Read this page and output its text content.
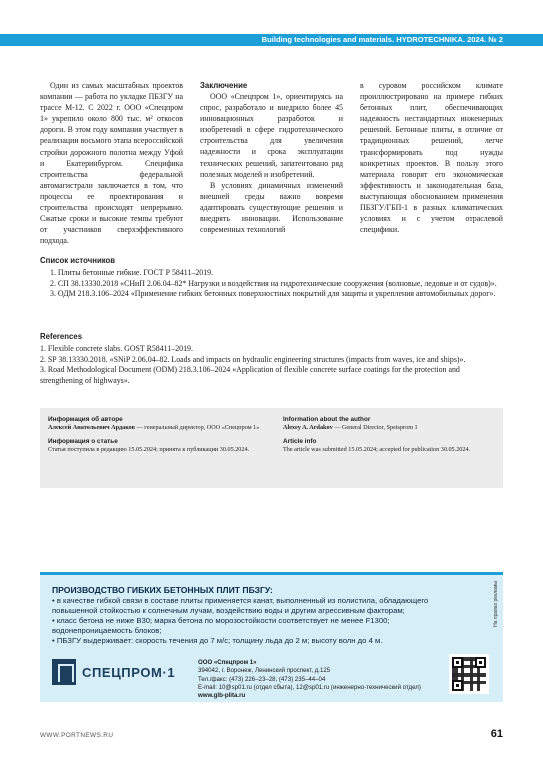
Building technologies and materials. HYDROTECHNIKA. 2024. № 2

Один из самых масштабных проектов компании — работа по укладке ПБЗГУ на трассе М-12. С 2022 г. ООО «Спецпром 1» укрепило около 800 тыс. м² откосов дороги. В этом году компания участвует в реализации восьмого этапа всероссийской стройки дорожного полотна между Уфой и Екатеринбургом. Специфика строительства федеральной автомагистрали заключается в том, что процессы ее проектирования и строительства происходят непрерывно. Сжатые сроки и высокие темпы требуют от участников сверхэффективного подхода.

Заключение

ООО «Спецпром 1», ориентируясь на спрос, разработало и внедрило более 45 инновационных разработок и изобретений в сфере гидротехнического строительства для увеличения надежности и срока эксплуатации технических решений, запатентовано ряд полезных моделей и изобретений.

В условиях динамичных изменений внешней среды важно вовремя адаптировать существующие решения и внедрять инновации. Использование современных технологий

в суровом российском климате проиллюстрировано на примере гибких бетонных плит, обеспечивающих надежность нестандартных инженерных решений. Бетонные плиты, в отличие от традиционных решений, легче трансформировать под нужды конкретных проектов. В пользу этого материала говорят его экономическая эффективность и законодательная база, выступающая обоснованием применения ПБЗГУ/ГБП-1 в разных климатических условиях и с учетом отраслевой специфики.

Список источников

1. Плиты бетонные гибкие. ГОСТ Р 58411–2019.

2. СП 38.13330.2018 «СНиП 2.06.04–82* Нагрузки и воздействия на гидротехнические сооружения (волновые, ледовые и от судов)».

3. ОДМ 218.3.106–2024 «Применение гибких бетонных поверхностных покрытий для защиты и укрепления автомобильных дорог».

References

1. Flexible concrete slabs. GOST R58411–2019.

2. SP 38.13330.2018. «SNiP 2.06.04–82. Loads and impacts on hydraulic engineering structures (impacts from waves, ice and ships)».

3. Road Methodological Document (ODM) 218.3.106–2024 «Application of flexible concrete surface coatings for the protection and strengthening of highways».

Информация об авторе
Алексей Анатольевич Ардаков — генеральный директор, ООО «Спецпром 1»
Информация о статье
Статья поступила в редакцию 15.05.2024; принята к публикации 30.05.2024.
Information about the author
Alexey A. Ardakov — General Director, Spetsprom 1
Article info
The article was submitted 15.05.2024; accepted for publication 30.05.2024.
ПРОИЗВОДСТВО ГИБКИХ БЕТОННЫХ ПЛИТ ПБЗГУ:
• в качестве гибкой связи в составе плиты применяется канат, выполненный из полистила, обладающего повышенной стойкостью к солнечным лучам, воздействию воды и другим агрессивным факторам;
• класс бетона не ниже В30; марка бетона по морозостойкости соответствует не менее F1300; водонепроницаемость блоков;
• ПБЗГУ выдерживает: скорость течения до 7 м/с; толщину льда до 2 м; высоту волн до 4 м.
На правах рекламы
СПЕЦПРОМ·1
ООО «Спецпром 1»
394042, г. Воронеж, Ленинский проспект, д.125
Тел./факс: (473) 226–23–28, (473) 235–44–04
E-mail: 10@sp01.ru (отдел сбыта), 12@sp01.ru (инженерно-технический отдел)
www.glb-plita.ru
WWW.PORTNEWS.RU	61
